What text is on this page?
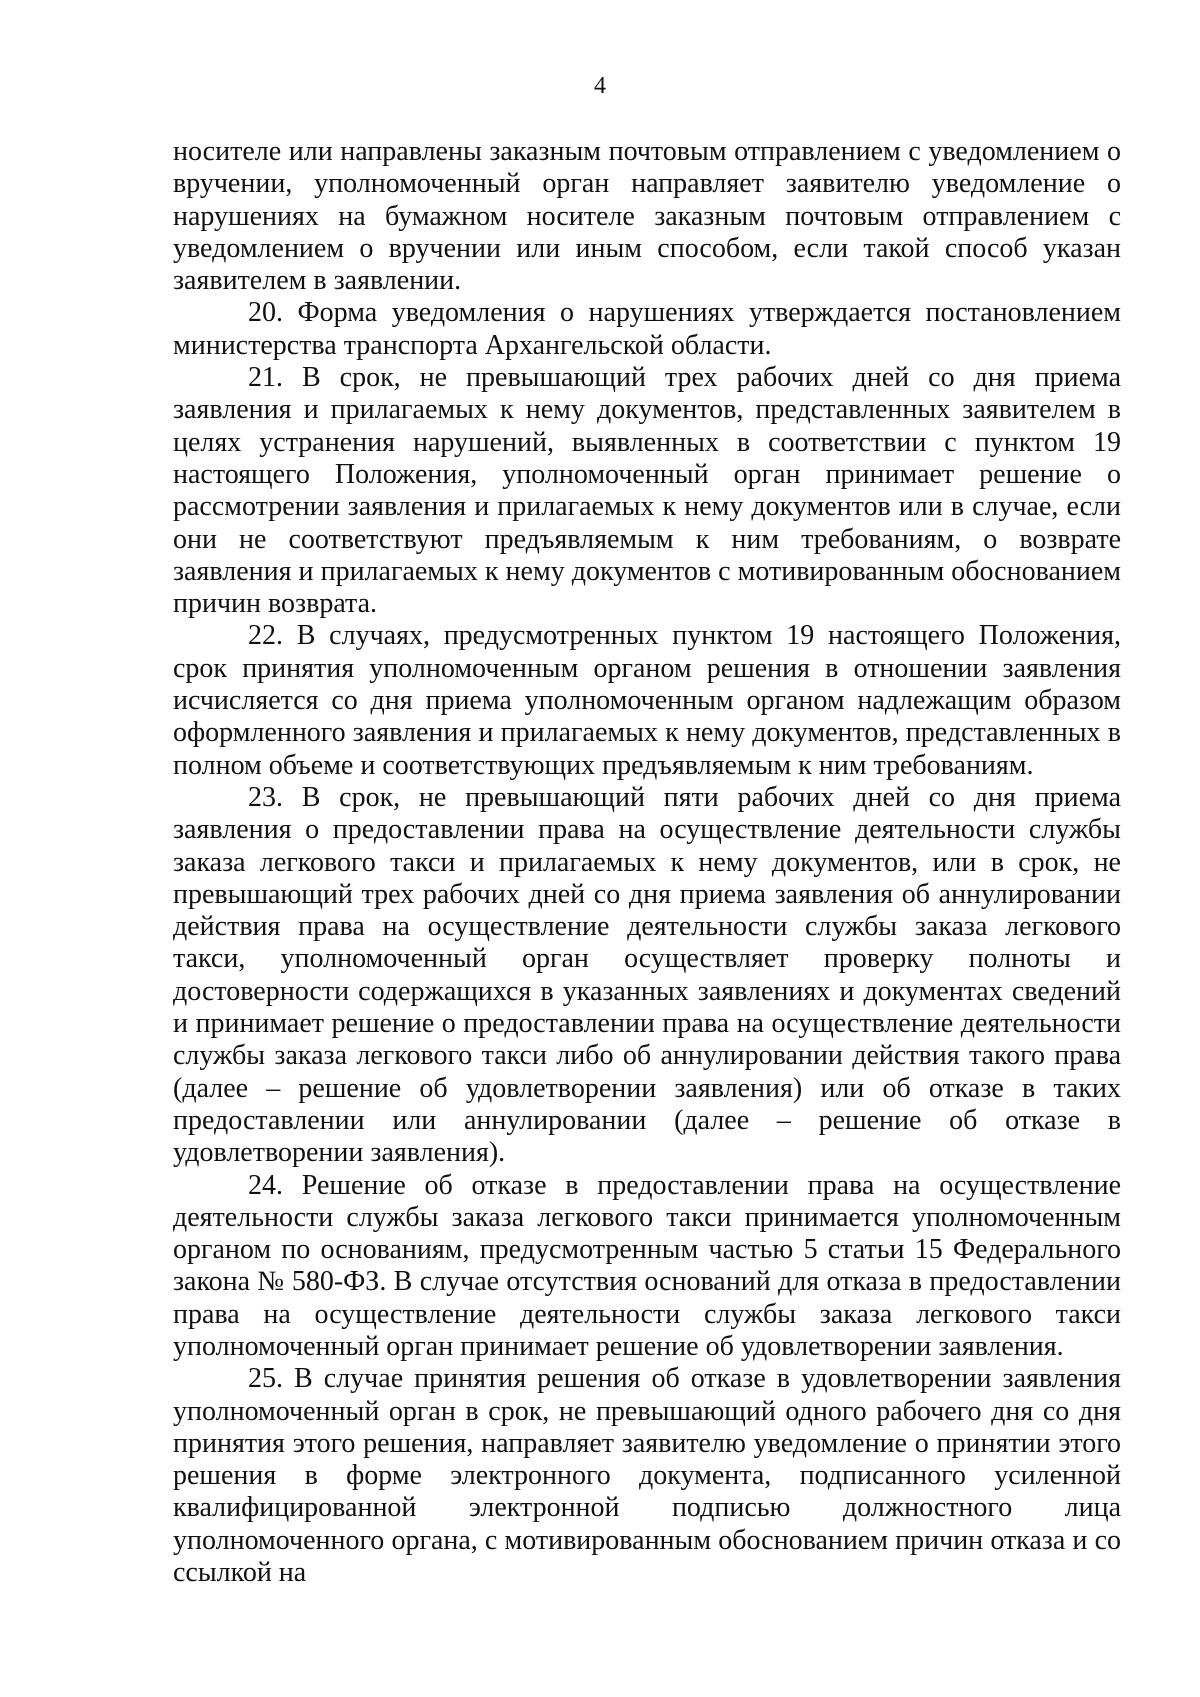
4

носителе или направлены заказным почтовым отправлением с уведомлением о вручении, уполномоченный орган направляет заявителю уведомление о нарушениях на бумажном носителе заказным почтовым отправлением с уведомлением о вручении или иным способом, если такой способ указан заявителем в заявлении.

20. Форма уведомления о нарушениях утверждается постановлением министерства транспорта Архангельской области.

21. В срок, не превышающий трех рабочих дней со дня приема заявления и прилагаемых к нему документов, представленных заявителем в целях устранения нарушений, выявленных в соответствии с пунктом 19 настоящего Положения, уполномоченный орган принимает решение о рассмотрении заявления и прилагаемых к нему документов или в случае, если они не соответствуют предъявляемым к ним требованиям, о возврате заявления и прилагаемых к нему документов с мотивированным обоснованием причин возврата.

22. В случаях, предусмотренных пунктом 19 настоящего Положения, срок принятия уполномоченным органом решения в отношении заявления исчисляется со дня приема уполномоченным органом надлежащим образом оформленного заявления и прилагаемых к нему документов, представленных в полном объеме и соответствующих предъявляемым к ним требованиям.

23. В срок, не превышающий пяти рабочих дней со дня приема заявления о предоставлении права на осуществление деятельности службы заказа легкового такси и прилагаемых к нему документов, или в срок, не превышающий трех рабочих дней со дня приема заявления об аннулировании действия права на осуществление деятельности службы заказа легкового такси, уполномоченный орган осуществляет проверку полноты и достоверности содержащихся в указанных заявлениях и документах сведений и принимает решение о предоставлении права на осуществление деятельности службы заказа легкового такси либо об аннулировании действия такого права (далее – решение об удовлетворении заявления) или об отказе в таких предоставлении или аннулировании (далее – решение об отказе в удовлетворении заявления).

24. Решение об отказе в предоставлении права на осуществление деятельности службы заказа легкового такси принимается уполномоченным органом по основаниям, предусмотренным частью 5 статьи 15 Федерального закона № 580-ФЗ. В случае отсутствия оснований для отказа в предоставлении права на осуществление деятельности службы заказа легкового такси уполномоченный орган принимает решение об удовлетворении заявления.

25. В случае принятия решения об отказе в удовлетворении заявления уполномоченный орган в срок, не превышающий одного рабочего дня со дня принятия этого решения, направляет заявителю уведомление о принятии этого решения в форме электронного документа, подписанного усиленной квалифицированной электронной подписью должностного лица уполномоченного органа, с мотивированным обоснованием причин отказа и со ссылкой на
